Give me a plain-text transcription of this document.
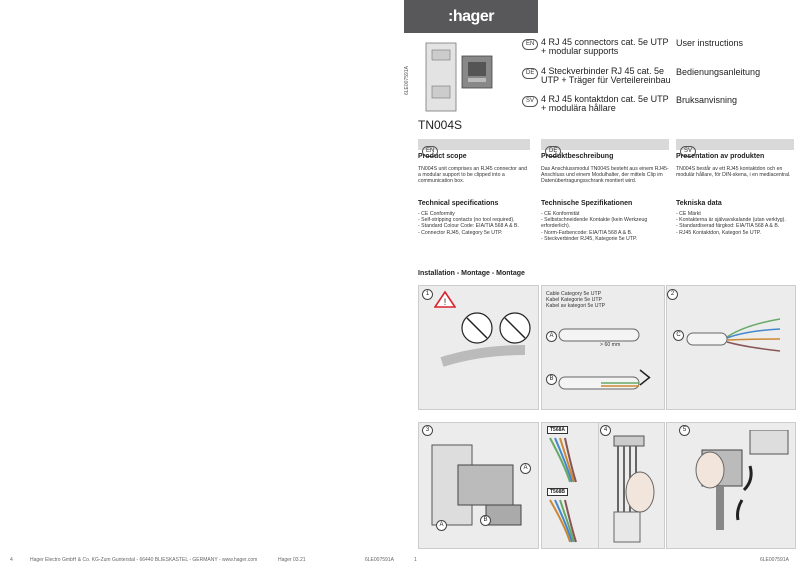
4	Hager Electro GmbH & Co. KG-Zum Gunterstal - 66440 BLIESKASTEL - GERMANY - www.hager.com	Hager 03.21	6LE007591A
:hager
6LE007591A
TN004S
EN 4 RJ 45 connectors cat. 5e UTP + modular supports
User instructions
DE 4 Steckverbinder RJ 45 cat. 5e UTP + Träger für Verteilereinbau
Bedienungsanleitung
SV 4 RJ 45 kontaktdon cat. 5e UTP + modulära hållare
Bruksanvisning
EN	DE	SV
Product scope
TN004S unit comprises an RJ45 connector and a modular support to be clipped into a communication box.
Technical specifications
- CE Conformity
- Self-stripping contacts (no tool required).
- Standard Colour Code: EIA/TIA 568 A & B.
- Connector RJ45, Category 5e UTP.
Produktbeschreibung
Das Anschlussmodul TN004S besteht aus einem RJ45-Anschluss und einem Modulhalter, der mittels Clip im Datenübertragungsschrank montiert wird.
Technische Spezifikationen
- CE Konformität
- Selbstschneidende Kontakte (kein Werkzeug erforderlich).
- Norm-Farbencode: EIA/TIA 568 A & B.
- Steckverbinder RJ45, Kategorie 5e UTP.
Presentation av produkten
TN004S består av ett RJ45 kontaktdon och en modulär hållare, för DIN-skena, i en mediacentral.
Tekniska data
- CE Märkt
- Kontakterna är självavskalande (utan verktyg).
- Standardiserad färgkod: EIA/TIA 568 A & B.
- RJ45 Kontaktdon, Kategori 5e UTP.
Installation - Montage - Montage
1
!
Cable Category 5e UTP
Kabel Kategorie 5e UTP
Kabel av kategori 5e UTP
A
B
> 60 mm
2
C
3
A
B
A
T568A
T568B
4	5
1	6LE007591A
